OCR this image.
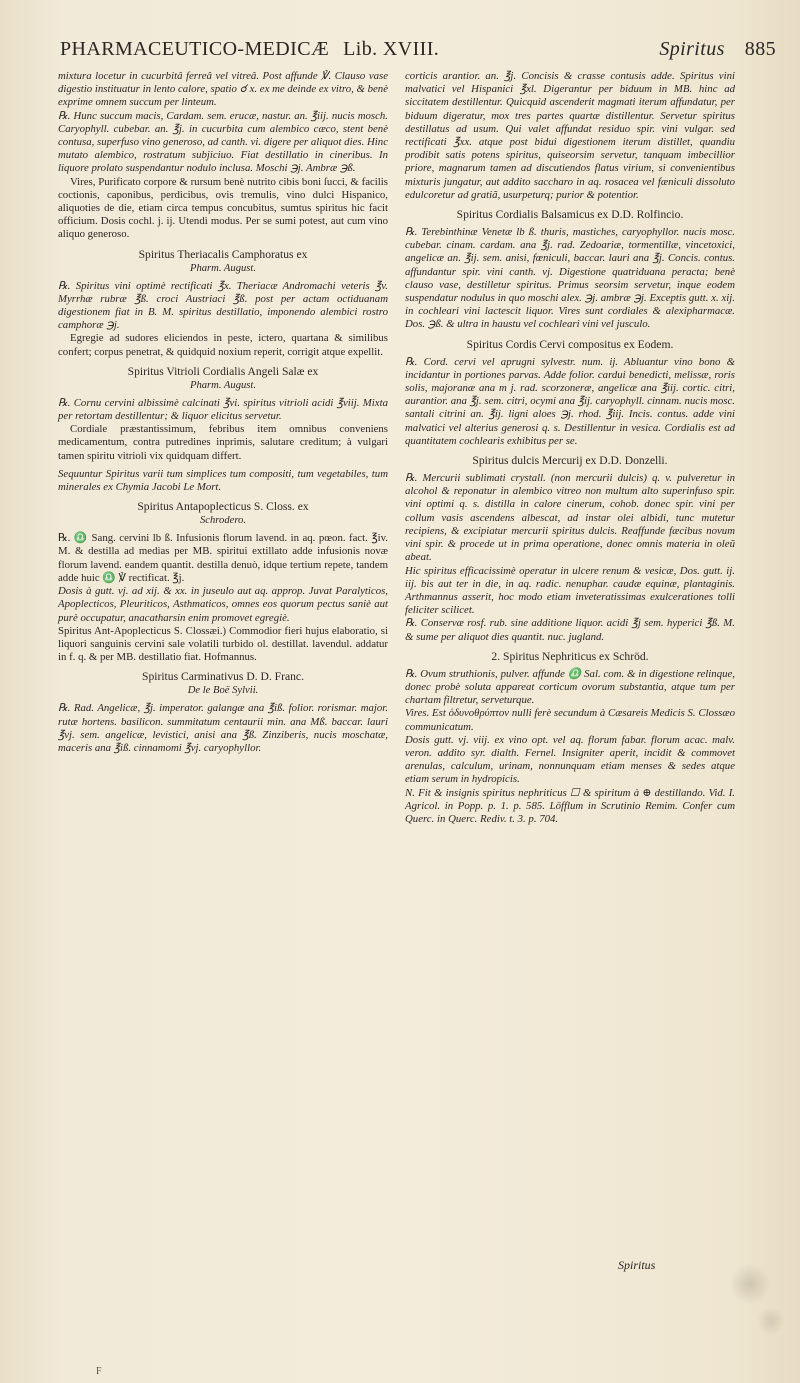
PHARMACEUTICO-MEDICÆ Lib. XVIII.	Spiritus 885

mixtura locetur in cucurbitâ ferreâ vel vitreâ. Post affunde ℣. Clauso vase digestio instituatur in lento calore, spatio ☌ x. ex me deinde ex vitro, & benè exprime omnem succum per linteum.

℞. Hunc succum macis, Cardam. sem. erucæ, nastur. an. ℥iij. nucis mosch. Caryophyll. cubebar. an. ℥j. in cucurbita cum alembico cæco, stent benè contusa, superfuso vino generoso, ad canth. vi. digere per aliquot dies. Hinc mutato alembico, rostratum subjiciuo. Fiat destillatio in cineribus. In liquore prolato suspendantur nodulo inclusa. Moschi ℈j. Ambræ ℈ß.

Vires, Purificato corpore & rursum benè nutrito cibis boni ſucci, & facilis coctionis, caponibus, perdicibus, ovis tremulis, vino dulci Hispanico, aliquoties de die, etiam circa tempus concubitus, sumtus spiritus hic facit officium. Dosis cochl. j. ij. Utendi modus. Per se sumi potest, aut cum vino aliquo generoso.

Spiritus Theriacalis Camphoratus ex
Pharm. August.

℞. Spiritus vini optimè rectificati ℥x. Theriacæ Andromachi veteris ℥v. Myrrhæ rubræ ℥ß. croci Austriaci ℥ß. post per actam octiduanam digestionem fiat in B. M. spiritus destillatio, imponendo alembici rostro camphoræ ℈j.

Egregie ad sudores eliciendos in peste, ictero, quartana & similibus confert; corpus penetrat, & quidquid noxium reperit, corrigit atque expellit.

Spiritus Vitrioli Cordialis Angeli Salæ ex
Pharm. August.

℞. Cornu cervini albissimè calcinati ℥vi. spiritus vitrioli acidi ℥viij. Mixta per retortam destillentur; & liquor elicitus servetur.

Cordiale præstantissimum, febribus item omnibus conveniens medicamentum, contra putredines inprimis, salutare creditum; à vulgari tamen spiritu vitrioli vix quidquam differt.

Sequuntur Spiritus varii tum simplices tum compositi, tum vegetabiles, tum minerales ex Chymia Jacobi Le Mort.

Spiritus Antapoplecticus S. Closs. ex
Schrodero.

℞. ♎ Sang. cervini lb ß. Infusionis florum lavend. in aq. pœon. fact. ℥iv. M. & destilla ad medias per MB. spiritui extillato adde infusionis novæ florum lavend. eandem quantit. destilla denuò, idque tertium repete, tandem adde huic ♎ ℣ rectificat. ℥j.

Dosis à gutt. vj. ad xij. & xx. in juseulo aut aq. approp. Juvat Paralyticos, Apoplecticos, Pleuriticos, Asthmaticos, omnes eos quorum pectus saniè aut purè occupatur, anacatharsin enim promovet egregiè.

Spiritus Ant-Apoplecticus S. Clossæi.) Commodior fieri hujus elaboratio, si liquori sanguinis cervini sale volatili turbido ol. destillat. lavendul. addatur in f. q. & per MB. destillatio fiat. Hofmannus.

Spiritus Carminativus D. D. Franc.
De le Boë Sylvii.

℞. Rad. Angelicæ, ℥j. imperator. galangæ ana ℥iß. folior. rorismar. major. rutæ hortens. basilicon. summitatum centaurii min. ana Mß. baccar. lauri ℥vj. sem. angelicæ, levistici, anisi ana ℥ß. Zinziberis, nucis moschatæ, maceris ana ℥iß. cinnamomi ℥vj. caryophyllor.

corticis arantior. an. ℥j. Concisis & crasse contusis adde. Spiritus vini malvatici vel Hispanici ℥xl. Digerantur per biduum in MB. hinc ad siccitatem destillentur. Quicquid ascenderit magmati iterum affundatur, per biduum digeratur, mox tres partes quartæ distillentur. Servetur spiritus destillatus ad usum. Qui valet affundat residuo spir. vini vulgar. sed rectificati ℥xx. atque post bidui digestionem iterum distillet, quandiu prodibit satis potens spiritus, quiseorsim servetur, tanquam imbecillior priore, magnarum tamen ad discutiendos flatus virium, si convenientibus mixturis jungatur, aut addito saccharo in aq. rosacea vel fæniculi dissoluto edulcoretur ad gratiã, usurpeturq; purior & potentior.

Spiritus Cordialis Balsamicus ex D.D. Rolfincio.

℞. Terebinthinæ Venetæ lb ß. thuris, mastiches, caryophyllor. nucis mosc. cubebar. cinam. cardam. ana ℥j. rad. Zedoariæ, tormentillæ, vincetoxici, angelicæ an. ℥ij. sem. anisi, fœniculi, baccar. lauri ana ℥j. Concis. contus. affundantur spir. vini canth. vj. Digestione quatriduana peracta; benè clauso vase, destilletur spiritus. Primus seorsim servetur, inque eodem suspendatur nodulus in quo moschi alex. ℈j. ambræ ℈j. Exceptis gutt. x. xij. in cochleari vini lactescit liquor. Vires sunt cordiales & alexipharmacæ. Dos. ℈ß. & ultra in haustu vel cochleari vini vel jusculo.

Spiritus Cordis Cervi compositus ex Eodem.

℞. Cord. cervi vel aprugni sylvestr. num. ij. Abluantur vino bono & incidantur in portiones parvas. Adde folior. cardui benedicti, melissæ, roris solis, majoranæ ana m j. rad. scorzoneræ, angelicæ ana ℥iij. cortic. citri, aurantior. ana ℥j. sem. citri, ocymi ana ℥ij. caryophyll. cinnam. nucis mosc. santali citrini an. ℥ij. ligni aloes ℈j. rhod. ℥iij. Incis. contus. adde vini malvatici vel alterius generosi q. s. Destillentur in vesica. Cordialis est ad quantitatem cochlearis exhibitus per se.

Spiritus dulcis Mercurij ex D.D. Donzelli.

℞. Mercurii sublimati crystall. (non mercurii dulcis) q. v. pulveretur in alcohol & reponatur in alembico vitreo non multum alto superinfuso spir. vini optimi q. s. distilla in calore cinerum, cohob. donec spir. vini per collum vasis ascendens albescat, ad instar olei albidi, tunc mutetur recipiens, & excipiatur mercurii spiritus dulcis. Reaffunde fæcibus novum vini spir. & procede ut in prima operatione, donec omnis materia in oleũ abeat.

Hic spiritus efficacissimè operatur in ulcere renum & vesicæ, Dos. gutt. ij. iij. bis aut ter in die, in aq. radic. nenuphar. caudæ equinæ, plantaginis. Arthmannus asserit, hoc modo etiam inveteratissimas exulcerationes tolli feliciter scilicet.

℞. Conservæ rosf. rub. sine additione liquor. acidi ℥j sem. hyperici ℥ß. M. & sume per aliquot dies quantit. nuc. jugland.

2. Spiritus Nephriticus ex Schröd.

℞. Ovum struthionis, pulver. affunde ♎ Sal. com. & in digestione relinque, donec probè soluta appareat corticum ovorum substantia, atque tum per chartam filtretur, serveturque.

Vires. Est ὁδυνοθρύπτον nulli ferè secundum à Cæsareis Medicis S. Clossæo communicatum.

Dosis gutt. vj. viij. ex vino opt. vel aq. florum fabar. florum acac. malv. veron. addito syr. dialth. Fernel. Insigniter aperit, incidit & commovet arenulas, calculum, urinam, nonnunquam etiam menses & sedes atque etiam serum in hydropicis.

N. Fit & insignis spiritus nephriticus ☐ & spiritum à ⊕ destillando. Vid. I. Agricol. in Popp. p. 1. p. 585. Löfflum in Scrutinio Remim. Confer cum Querc. in Querc. Rediv. t. 3. p. 704.

Spiritus
F
